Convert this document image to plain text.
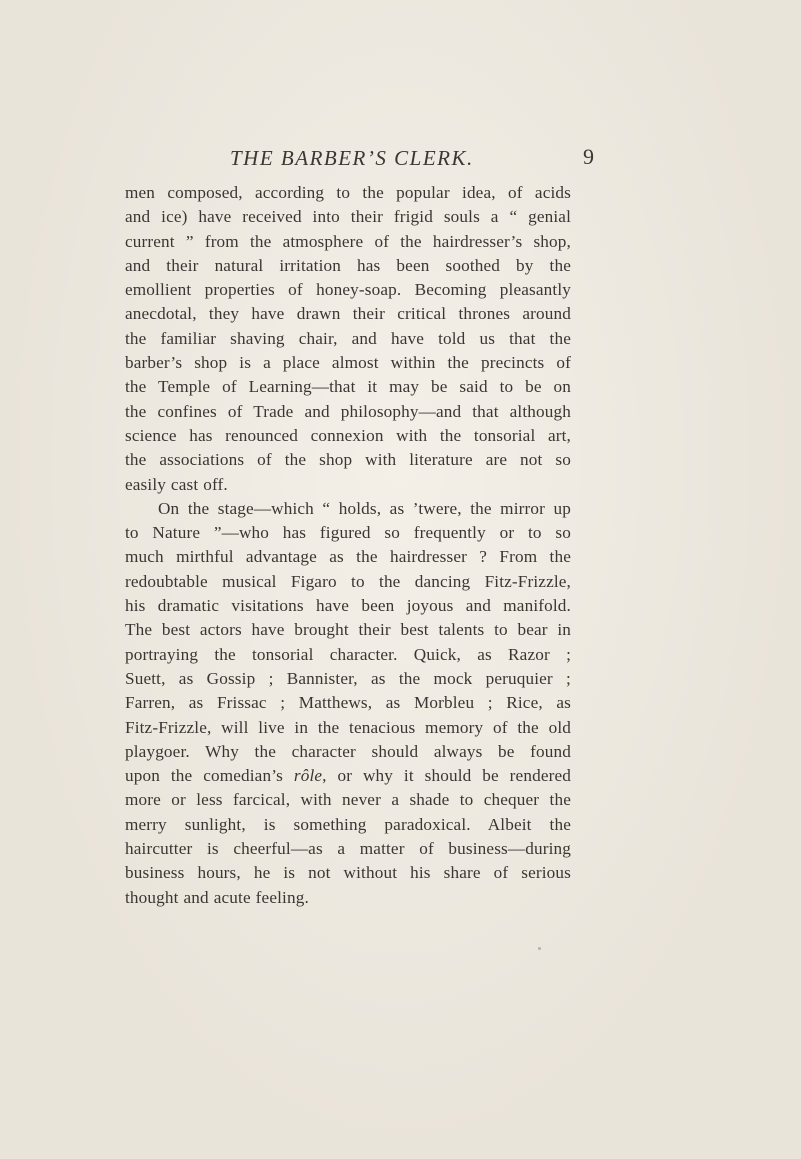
THE BARBER’S CLERK.	9
men composed, according to the popular idea, of acids
and ice) have received into their frigid souls a “ genial
current ” from the atmosphere of the hairdresser’s shop,
and their natural irritation has been soothed by the
emollient properties of honey-soap. Becoming pleasantly
anecdotal, they have drawn their critical thrones around
the familiar shaving chair, and have told us that the
barber’s shop is a place almost within the precincts of
the Temple of Learning—that it may be said to be on
the confines of Trade and philosophy—and that although
science has renounced connexion with the tonsorial art,
the associations of the shop with literature are not so
easily cast off.
On the stage—which “ holds, as ’twere, the mirror up
to Nature ”—who has figured so frequently or to so
much mirthful advantage as the hairdresser ? From the
redoubtable musical Figaro to the dancing Fitz-Frizzle,
his dramatic visitations have been joyous and manifold.
The best actors have brought their best talents to bear in
portraying the tonsorial character. Quick, as Razor ;
Suett, as Gossip ; Bannister, as the mock peruquier ;
Farren, as Frissac ; Matthews, as Morbleu ; Rice, as
Fitz-Frizzle, will live in the tenacious memory of the old
playgoer. Why the character should always be found
upon the comedian’s rôle, or why it should be rendered
more or less farcical, with never a shade to chequer the
merry sunlight, is something paradoxical. Albeit the
haircutter is cheerful—as a matter of business—during
business hours, he is not without his share of serious
thought and acute feeling.
